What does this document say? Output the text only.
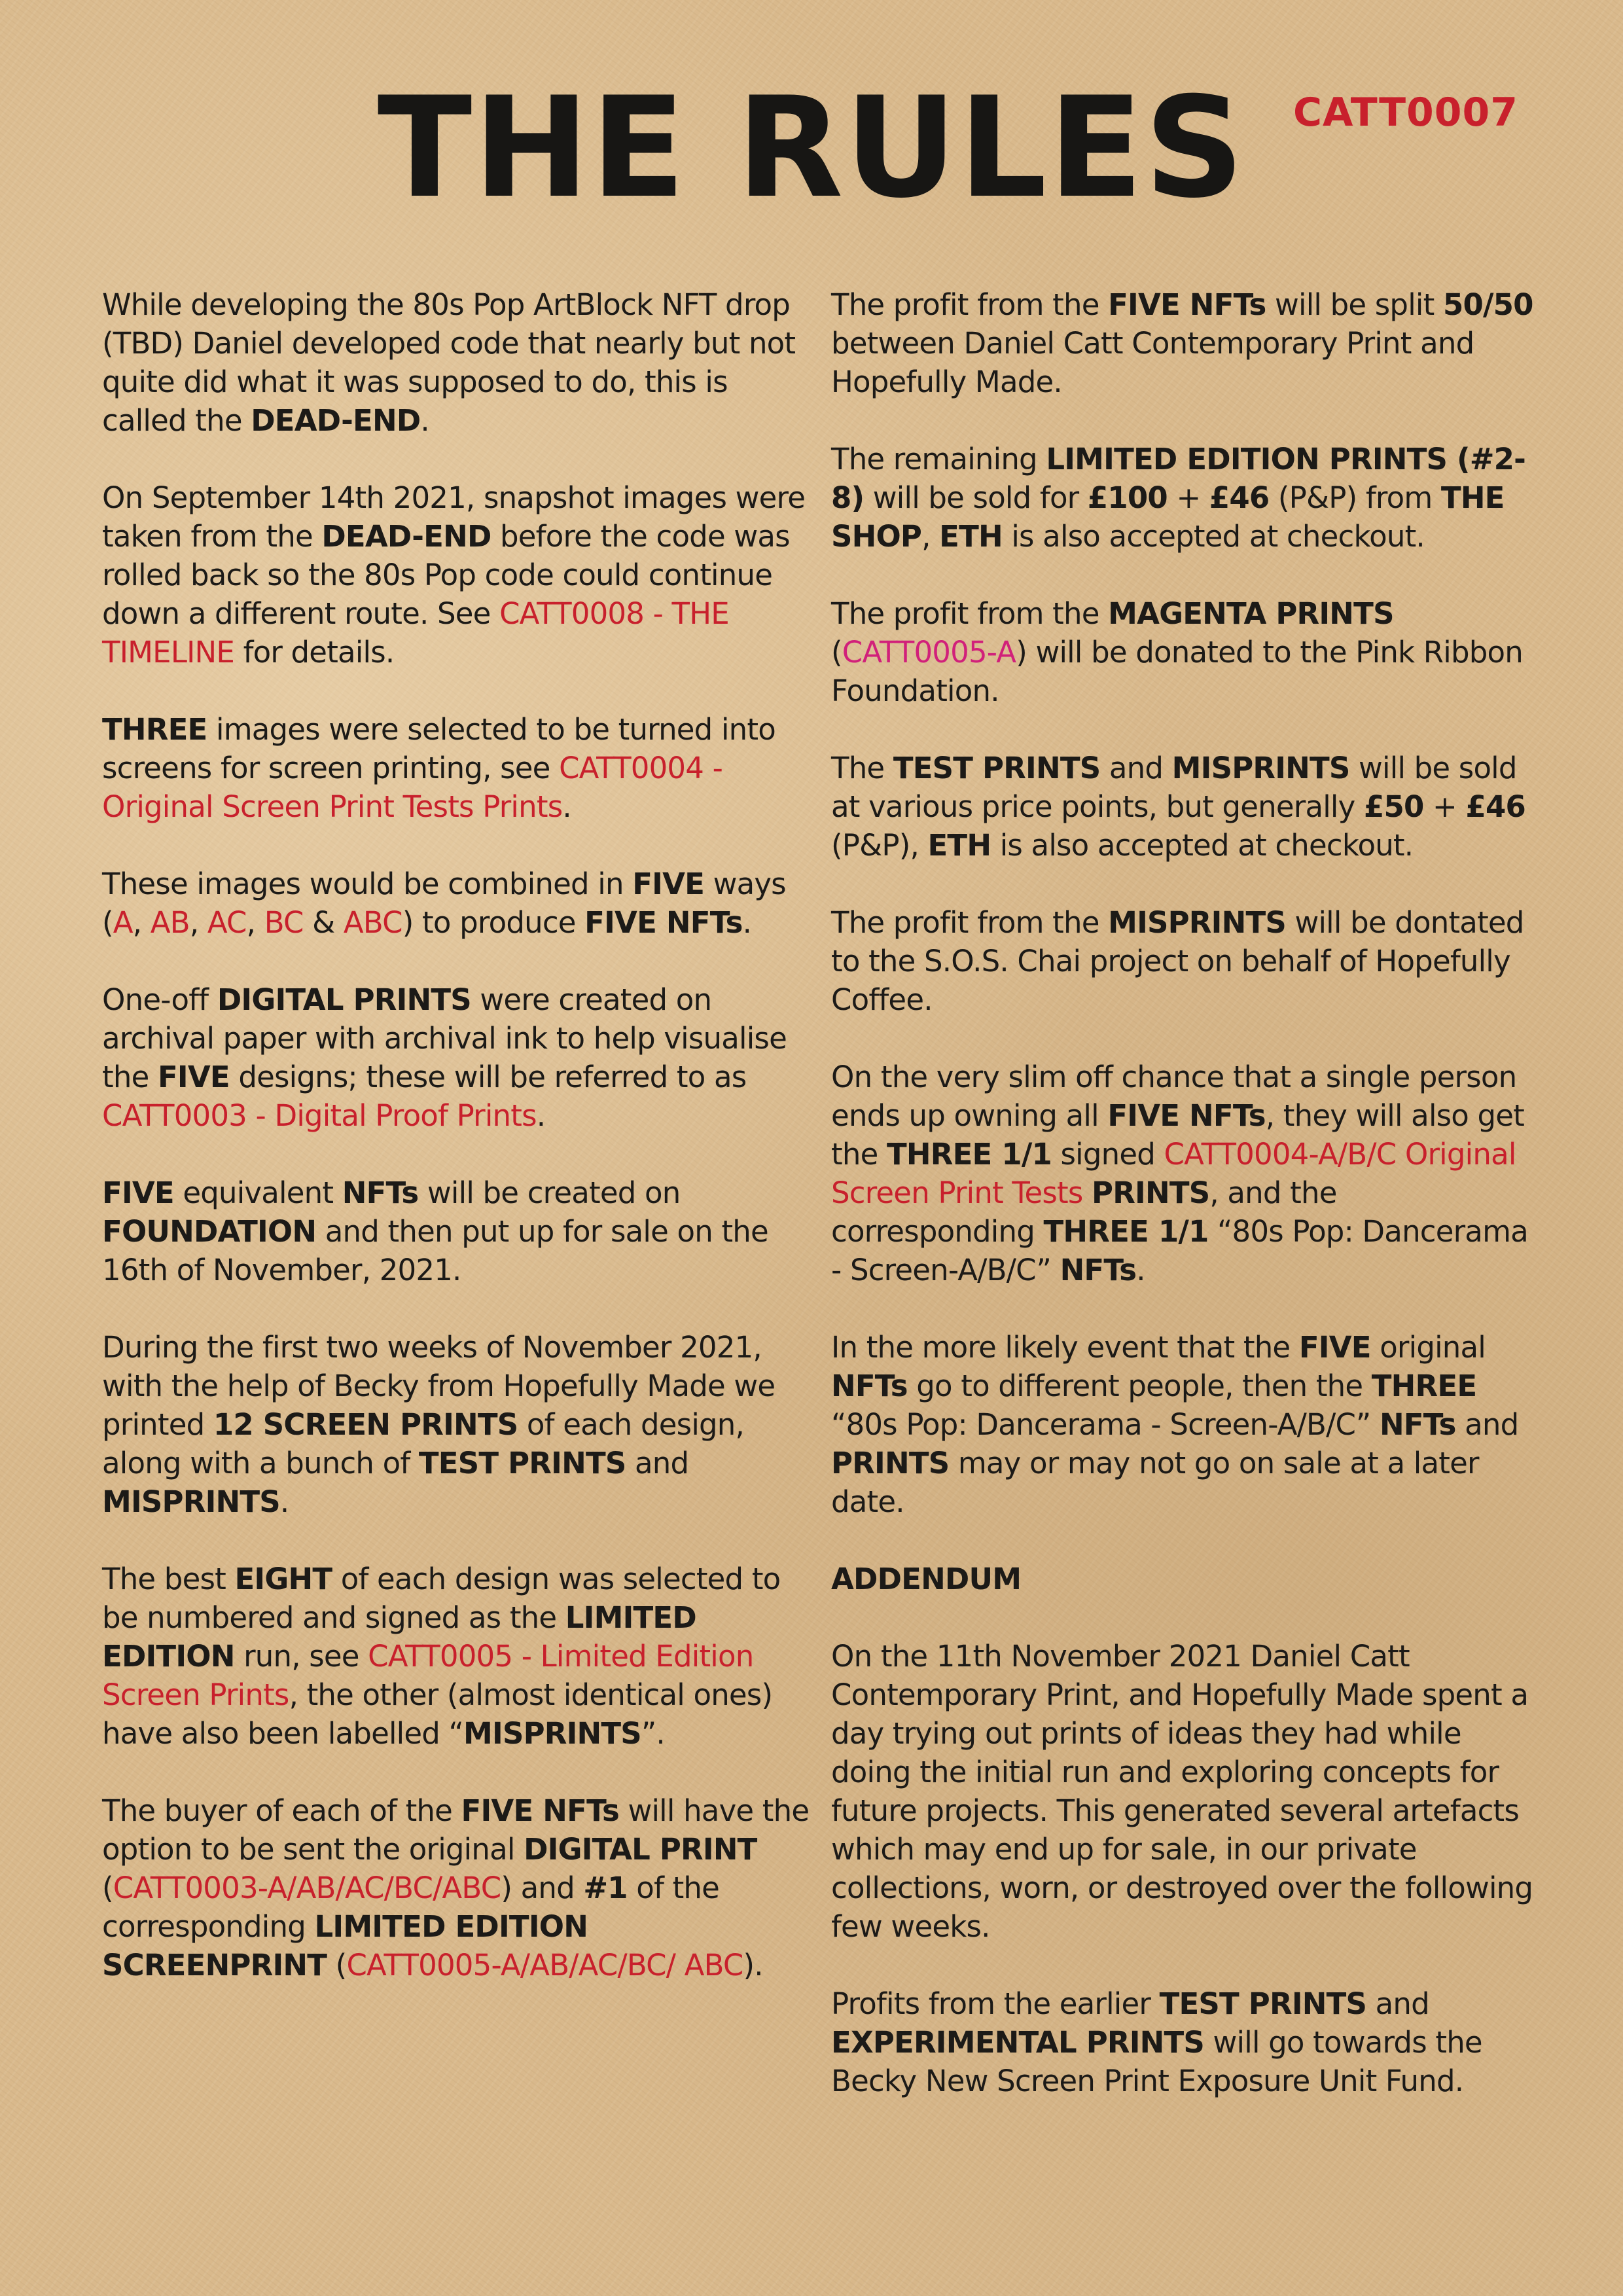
THE RULES	CATT0007

While developing the 80s Pop ArtBlock NFT drop (TBD) Daniel developed code that nearly but not quite did what it was supposed to do, this is called the DEAD-END.

On September 14th 2021, snapshot images were taken from the DEAD-END before the code was rolled back so the 80s Pop code could continue down a different route. See CATT0008 - THE TIMELINE for details.

THREE images were selected to be turned into screens for screen printing, see CATT0004 - Original Screen Print Tests Prints.

These images would be combined in FIVE ways (A, AB, AC, BC & ABC) to produce FIVE NFTs.

One-off DIGITAL PRINTS were created on archival paper with archival ink to help visualise the FIVE designs; these will be referred to as CATT0003 - Digital Proof Prints.

FIVE equivalent NFTs will be created on FOUNDATION and then put up for sale on the 16th of November, 2021.

During the first two weeks of November 2021, with the help of Becky from Hopefully Made we printed 12 SCREEN PRINTS of each design, along with a bunch of TEST PRINTS and MISPRINTS.

The best EIGHT of each design was selected to be numbered and signed as the LIMITED EDITION run, see CATT0005 - Limited Edition Screen Prints, the other (almost identical ones) have also been labelled “MISPRINTS”.

The buyer of each of the FIVE NFTs will have the option to be sent the original DIGITAL PRINT (CATT0003-A/AB/AC/BC/ABC) and #1 of the corresponding LIMITED EDITION SCREENPRINT (CATT0005-A/AB/AC/BC/ ABC).

The profit from the FIVE NFTs will be split 50/50 between Daniel Catt Contemporary Print and Hopefully Made.

The remaining LIMITED EDITION PRINTS (#2-8) will be sold for £100 + £46 (P&P) from THE SHOP, ETH is also accepted at checkout.

The profit from the MAGENTA PRINTS (CATT0005-A) will be donated to the Pink Ribbon Foundation.

The TEST PRINTS and MISPRINTS will be sold at various price points, but generally £50 + £46 (P&P), ETH is also accepted at checkout.

The profit from the MISPRINTS will be dontated to the S.O.S. Chai project on behalf of Hopefully Coffee.

On the very slim off chance that a single person ends up owning all FIVE NFTs, they will also get the THREE 1/1 signed CATT0004-A/B/C Original Screen Print Tests PRINTS, and the corresponding THREE 1/1 “80s Pop: Dancerama - Screen-A/B/C” NFTs.

In the more likely event that the FIVE original NFTs go to different people, then the THREE “80s Pop: Dancerama - Screen-A/B/C” NFTs and PRINTS may or may not go on sale at a later date.

ADDENDUM

On the 11th November 2021 Daniel Catt Contemporary Print, and Hopefully Made spent a day trying out prints of ideas they had while doing the initial run and exploring concepts for future projects. This generated several artefacts which may end up for sale, in our private collections, worn, or destroyed over the following few weeks.

Profits from the earlier TEST PRINTS and EXPERIMENTAL PRINTS will go towards the Becky New Screen Print Exposure Unit Fund.
